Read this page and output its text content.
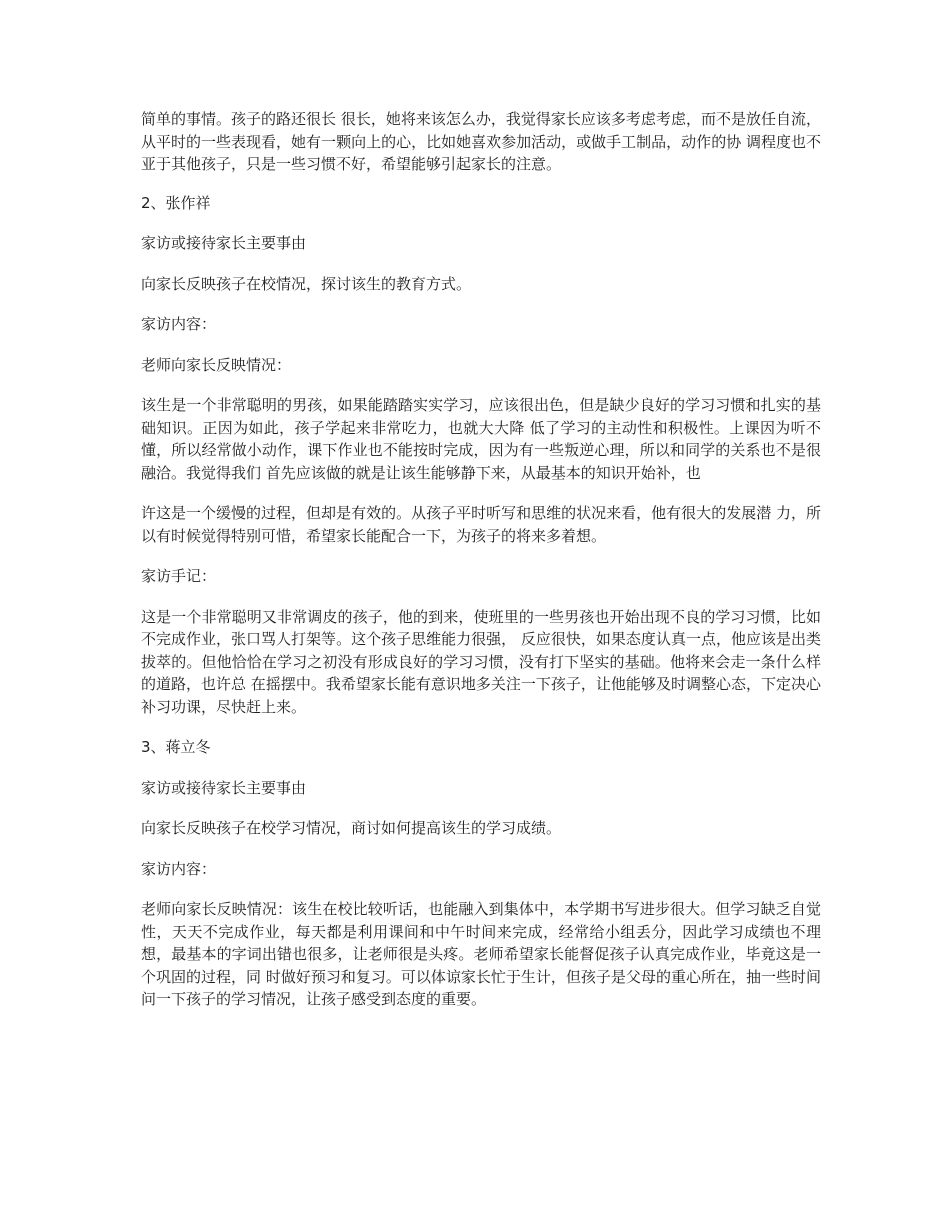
简单的事情。孩子的路还很长 很长，她将来该怎么办，我觉得家长应该多考虑考虑，而不是放任自流，从平时的一些表现看，她有一颗向上的心，比如她喜欢参加活动，或做手工制品，动作的协 调程度也不亚于其他孩子，只是一些习惯不好，希望能够引起家长的注意。

2、张作祥

家访或接待家长主要事由

向家长反映孩子在校情况，探讨该生的教育方式。

家访内容：

老师向家长反映情况：

该生是一个非常聪明的男孩，如果能踏踏实实学习，应该很出色，但是缺少良好的学习习惯和扎实的基础知识。正因为如此，孩子学起来非常吃力，也就大大降 低了学习的主动性和积极性。上课因为听不懂，所以经常做小动作，课下作业也不能按时完成，因为有一些叛逆心理，所以和同学的关系也不是很融洽。我觉得我们 首先应该做的就是让该生能够静下来，从最基本的知识开始补，也

许这是一个缓慢的过程，但却是有效的。从孩子平时听写和思维的状况来看，他有很大的发展潜 力，所以有时候觉得特别可惜，希望家长能配合一下，为孩子的将来多着想。

家访手记：

这是一个非常聪明又非常调皮的孩子，他的到来，使班里的一些男孩也开始出现不良的学习习惯，比如不完成作业，张口骂人打架等。这个孩子思维能力很强， 反应很快，如果态度认真一点，他应该是出类拔萃的。但他恰恰在学习之初没有形成良好的学习习惯，没有打下坚实的基础。他将来会走一条什么样的道路，也许总 在摇摆中。我希望家长能有意识地多关注一下孩子，让他能够及时调整心态，下定决心补习功课，尽快赶上来。

3、蒋立冬

家访或接待家长主要事由

向家长反映孩子在校学习情况，商讨如何提高该生的学习成绩。

家访内容：

老师向家长反映情况：该生在校比较听话，也能融入到集体中，本学期书写进步很大。但学习缺乏自觉性，天天不完成作业，每天都是利用课间和中午时间来完成，经常给小组丢分，因此学习成绩也不理想，最基本的字词出错也很多，让老师很是头疼。老师希望家长能督促孩子认真完成作业，毕竟这是一个巩固的过程，同 时做好预习和复习。可以体谅家长忙于生计，但孩子是父母的重心所在，抽一些时间问一下孩子的学习情况，让孩子感受到态度的重要。
